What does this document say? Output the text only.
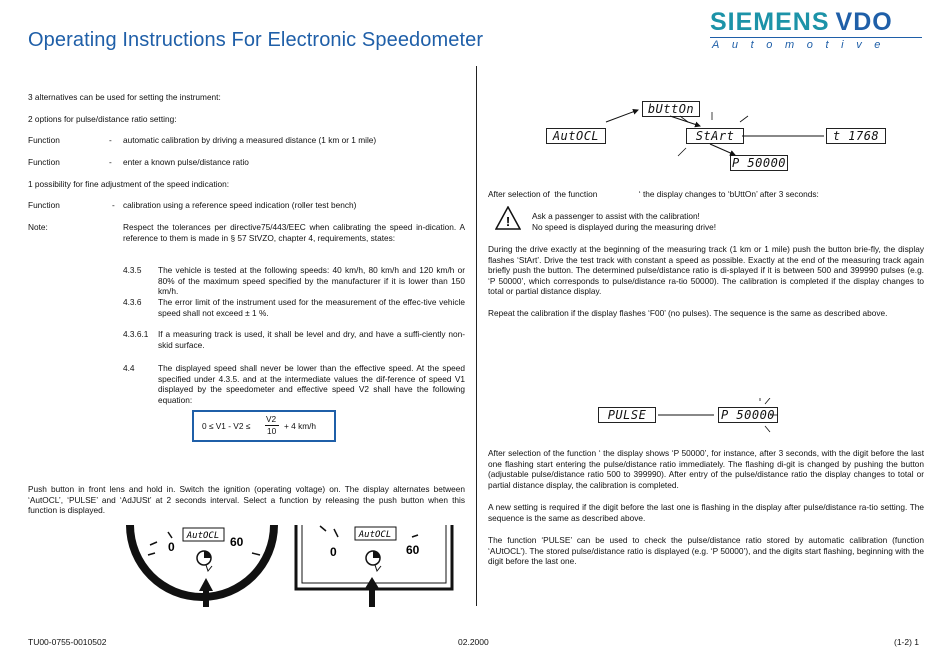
Operating Instructions For Electronic Speedometer
SIEMENS VDO
Automotive
3 alternatives can be used for setting the instrument:
2 options for pulse/distance ratio setting:
Function	- automatic calibration by driving a measured distance (1 km or 1 mile)
Function	- enter a known pulse/distance ratio
1 possibility for fine adjustment of the speed indication:
Function	- calibration using a reference speed indication (roller test bench)
Note:	Respect the tolerances per directive75/443/EEC when calibrating the speed in-dication. A reference to them is made in § 57 StVZO, chapter 4, requirements, states:
4.3.5 The vehicle is tested at the following speeds: 40 km/h, 80 km/h and 120 km/h or 80% of the maximum speed specified by the manufacturer if it is lower than 150 km/h.
4.3.6 The error limit of the instrument used for the measurement of the effec-tive vehicle speed shall not exceed ± 1 %.
4.3.6.1 If a measuring track is used, it shall be level and dry, and have a suffi-ciently non-skid surface.
4.4	The displayed speed shall never be lower than the effective speed. At the speed specified under 4.3.5. and at the intermediate values the dif-ference of speed V1 displayed by the speedometer and effective speed V2 shall have the following equation:
0 ≤ V1 - V2 ≤
V2
10 + 4 km/h
Push button in front lens and hold in. Switch the ignition (operating voltage) on. The display alternates between ‘AutOCL’, ‘PULSE’ and ‘AdJUSt’ at 2 seconds interval. Select a function by releasing the push button when this function is displayed.
AutOCL
0	60	AutOCL
0	60
bUttOn
AutOCL	StArt	t 1768
P 50000
After selection of  the function                  ‘ the display changes to ‘bUttOn’ after 3 seconds:
!	Ask a passenger to assist with the calibration!
No speed is displayed during the measuring drive!
During the drive exactly at the beginning of the measuring track (1 km or 1 mile) push the button brie-fly, the display flashes ‘StArt’. Drive the test track with constant a speed as possible. Exactly at the end of the measuring track again briefly push the button. The determined pulse/distance ratio is di-splayed if it is between 500 and 399990 pulses (e.g. ‘P 50000’, which corresponds to pulse/distance ra-tio 50000). The calibration is completed if the display changes to total or partial distance display.
Repeat the calibration if the display flashes ‘F00’ (no pulses). The sequence is the same as described above.
PULSE	P 50000
After selection of the function ‘ the display shows ‘P 50000’, for instance, after 3 seconds, with the digit before the last one flashing start entering the pulse/distance ratio immediately. The flashing di-git is changed by pushing the button (adjustable pulse/distance ratio 500 to 399990). After entry of the pulse/distance ratio the display changes to total or partial distance display, the calibration is completed.
A new setting is required if the digit before the last one is flashing in the display after pulse/distance ra-tio setting. The sequence is the same as described above.
The function ‘PULSE’ can be used to check the pulse/distance ratio stored by automatic calibration (function ‘AUtOCL’). The stored pulse/distance ratio is displayed (e.g. ‘P 50000’), and the digits start flashing, beginning with the digit before the last one.
TU00-0755-0010502	02.2000	(1-2) 1
